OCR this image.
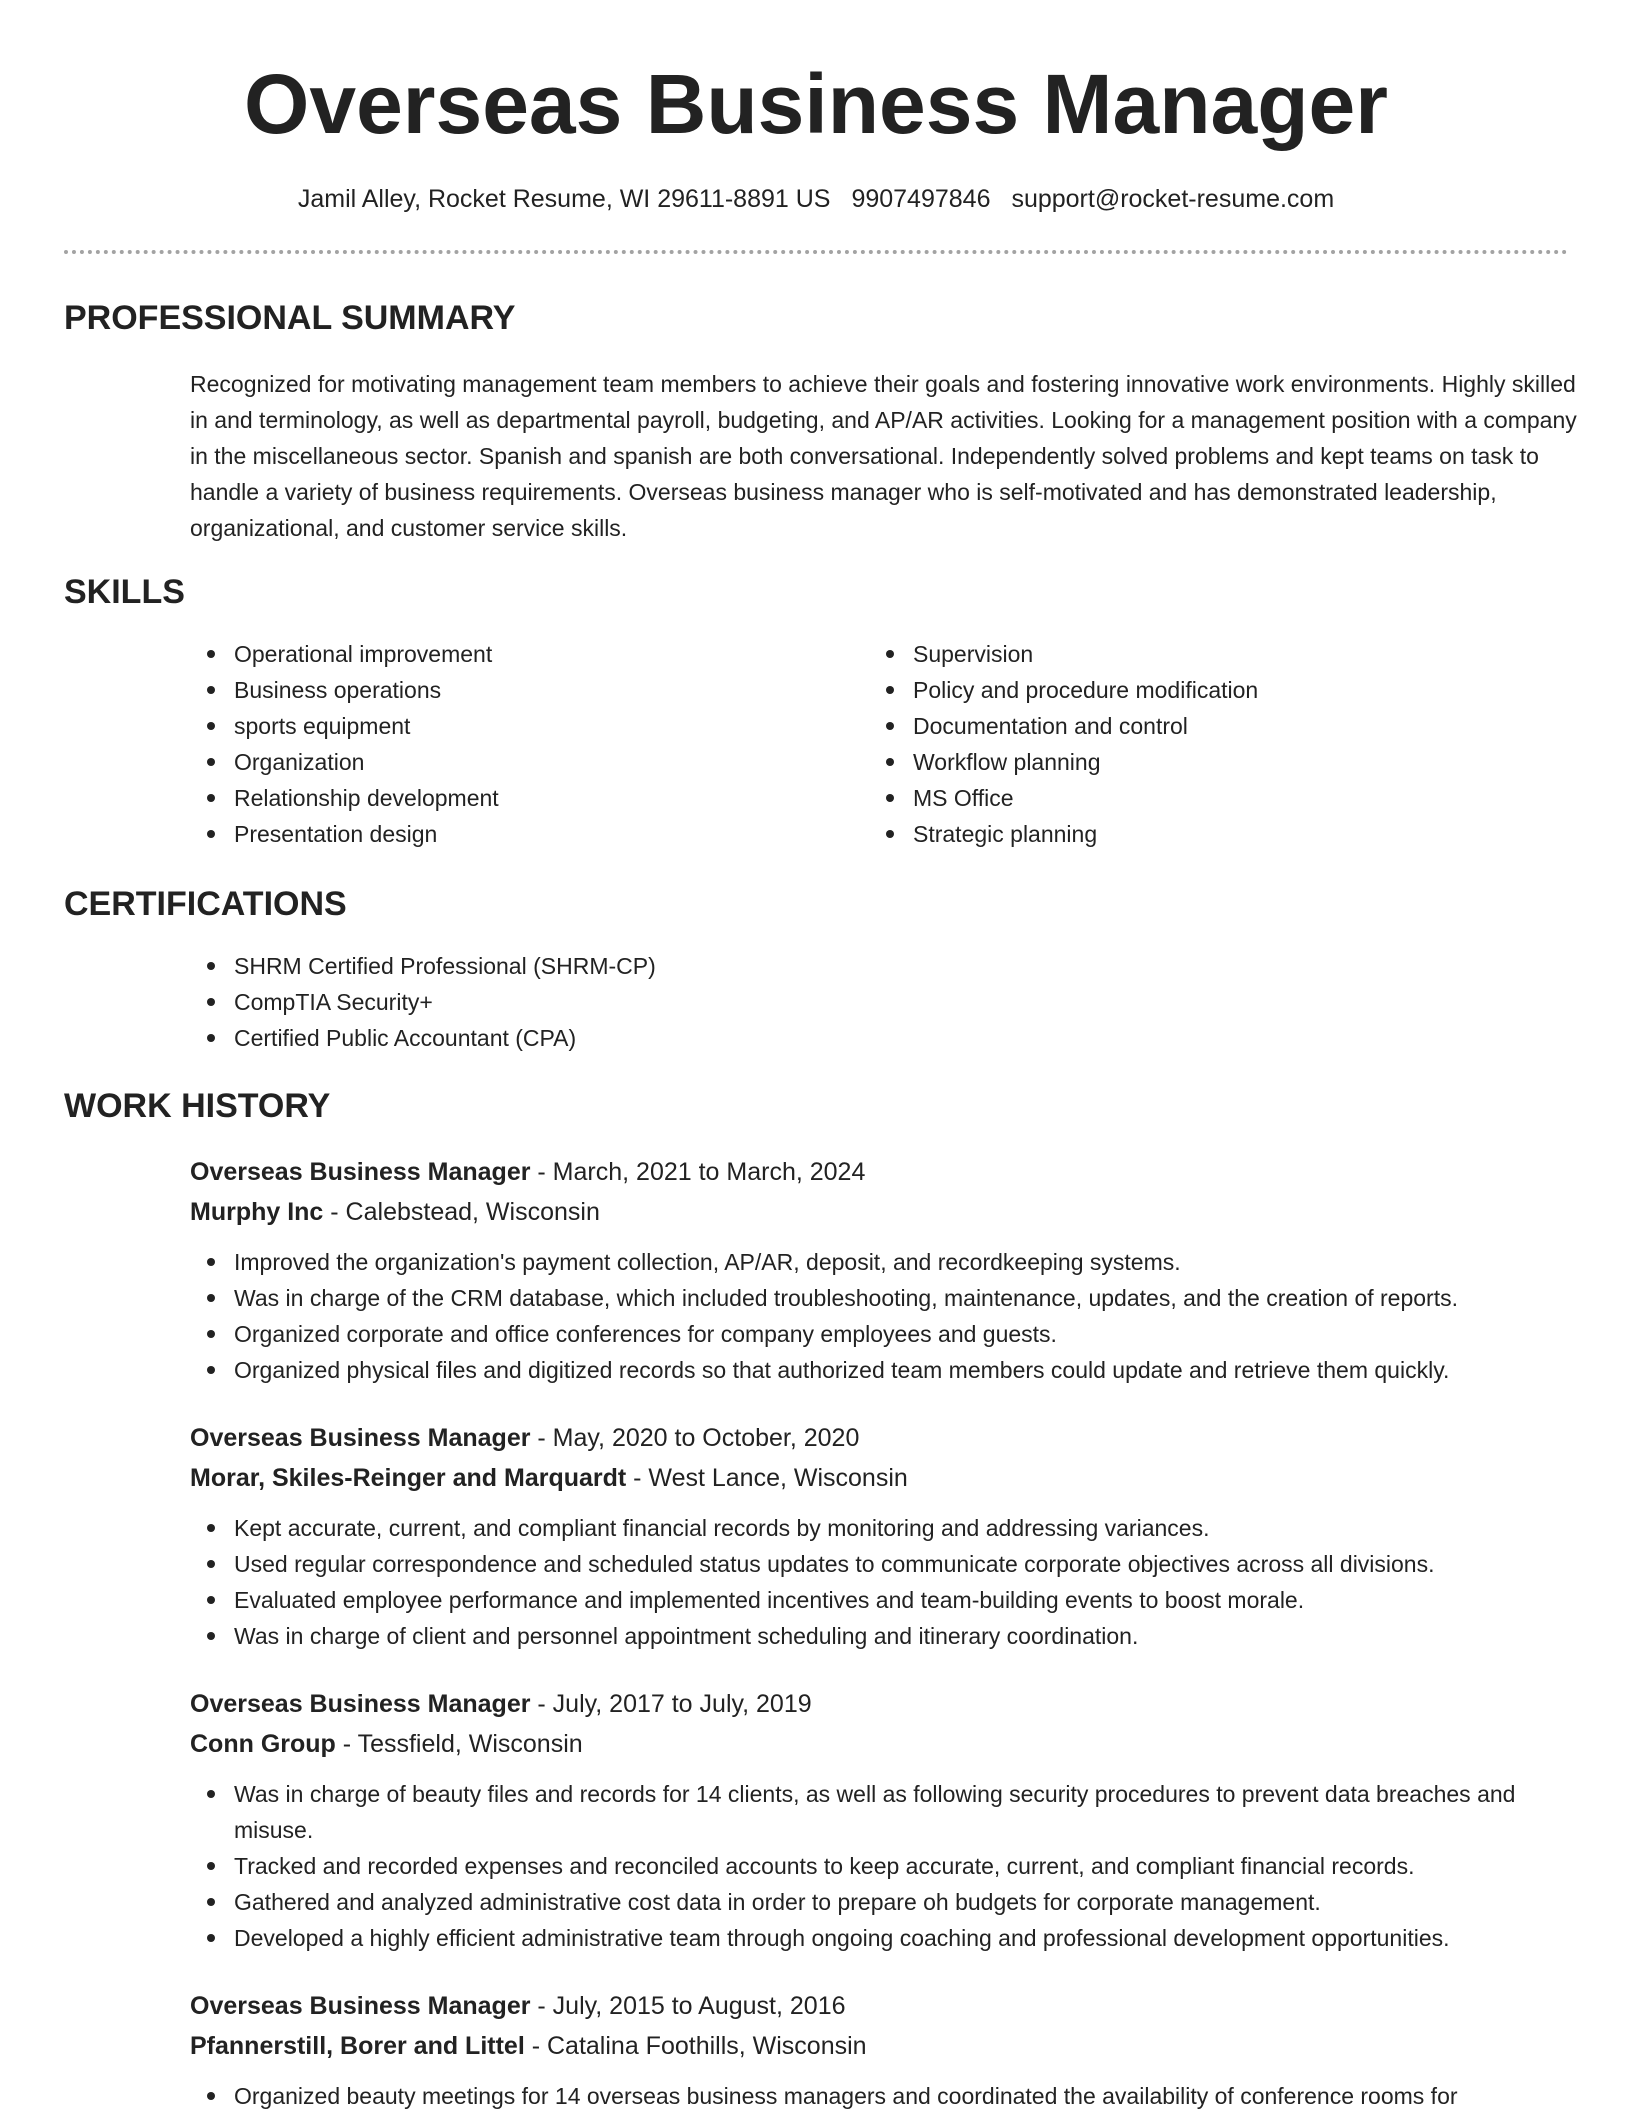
Overseas Business Manager
Jamil Alley, Rocket Resume, WI 29611-8891 US 9907497846 support@rocket-resume.com
PROFESSIONAL SUMMARY

Recognized for motivating management team members to achieve their goals and fostering innovative work environments. Highly skilled in and terminology, as well as departmental payroll, budgeting, and AP/AR activities. Looking for a management position with a company in the miscellaneous sector. Spanish and spanish are both conversational. Independently solved problems and kept teams on task to handle a variety of business requirements. Overseas business manager who is self-motivated and has demonstrated leadership, organizational, and customer service skills.

SKILLS
Operational improvement
Business operations
sports equipment
Organization
Relationship development
Presentation design
Supervision
Policy and procedure modification
Documentation and control
Workflow planning
MS Office
Strategic planning
CERTIFICATIONS
SHRM Certified Professional (SHRM-CP)
CompTIA Security+
Certified Public Accountant (CPA)
WORK HISTORY
Overseas Business Manager - March, 2021 to March, 2024
Murphy Inc - Calebstead, Wisconsin
Improved the organization's payment collection, AP/AR, deposit, and recordkeeping systems.
Was in charge of the CRM database, which included troubleshooting, maintenance, updates, and the creation of reports.
Organized corporate and office conferences for company employees and guests.
Organized physical files and digitized records so that authorized team members could update and retrieve them quickly.
Overseas Business Manager - May, 2020 to October, 2020
Morar, Skiles-Reinger and Marquardt - West Lance, Wisconsin
Kept accurate, current, and compliant financial records by monitoring and addressing variances.
Used regular correspondence and scheduled status updates to communicate corporate objectives across all divisions.
Evaluated employee performance and implemented incentives and team-building events to boost morale.
Was in charge of client and personnel appointment scheduling and itinerary coordination.
Overseas Business Manager - July, 2017 to July, 2019
Conn Group - Tessfield, Wisconsin
Was in charge of beauty files and records for 14 clients, as well as following security procedures to prevent data breaches and misuse.
Tracked and recorded expenses and reconciled accounts to keep accurate, current, and compliant financial records.
Gathered and analyzed administrative cost data in order to prepare oh budgets for corporate management.
Developed a highly efficient administrative team through ongoing coaching and professional development opportunities.
Overseas Business Manager - July, 2015 to August, 2016
Pfannerstill, Borer and Littel - Catalina Foothills, Wisconsin
Organized beauty meetings for 14 overseas business managers and coordinated the availability of conference rooms for
